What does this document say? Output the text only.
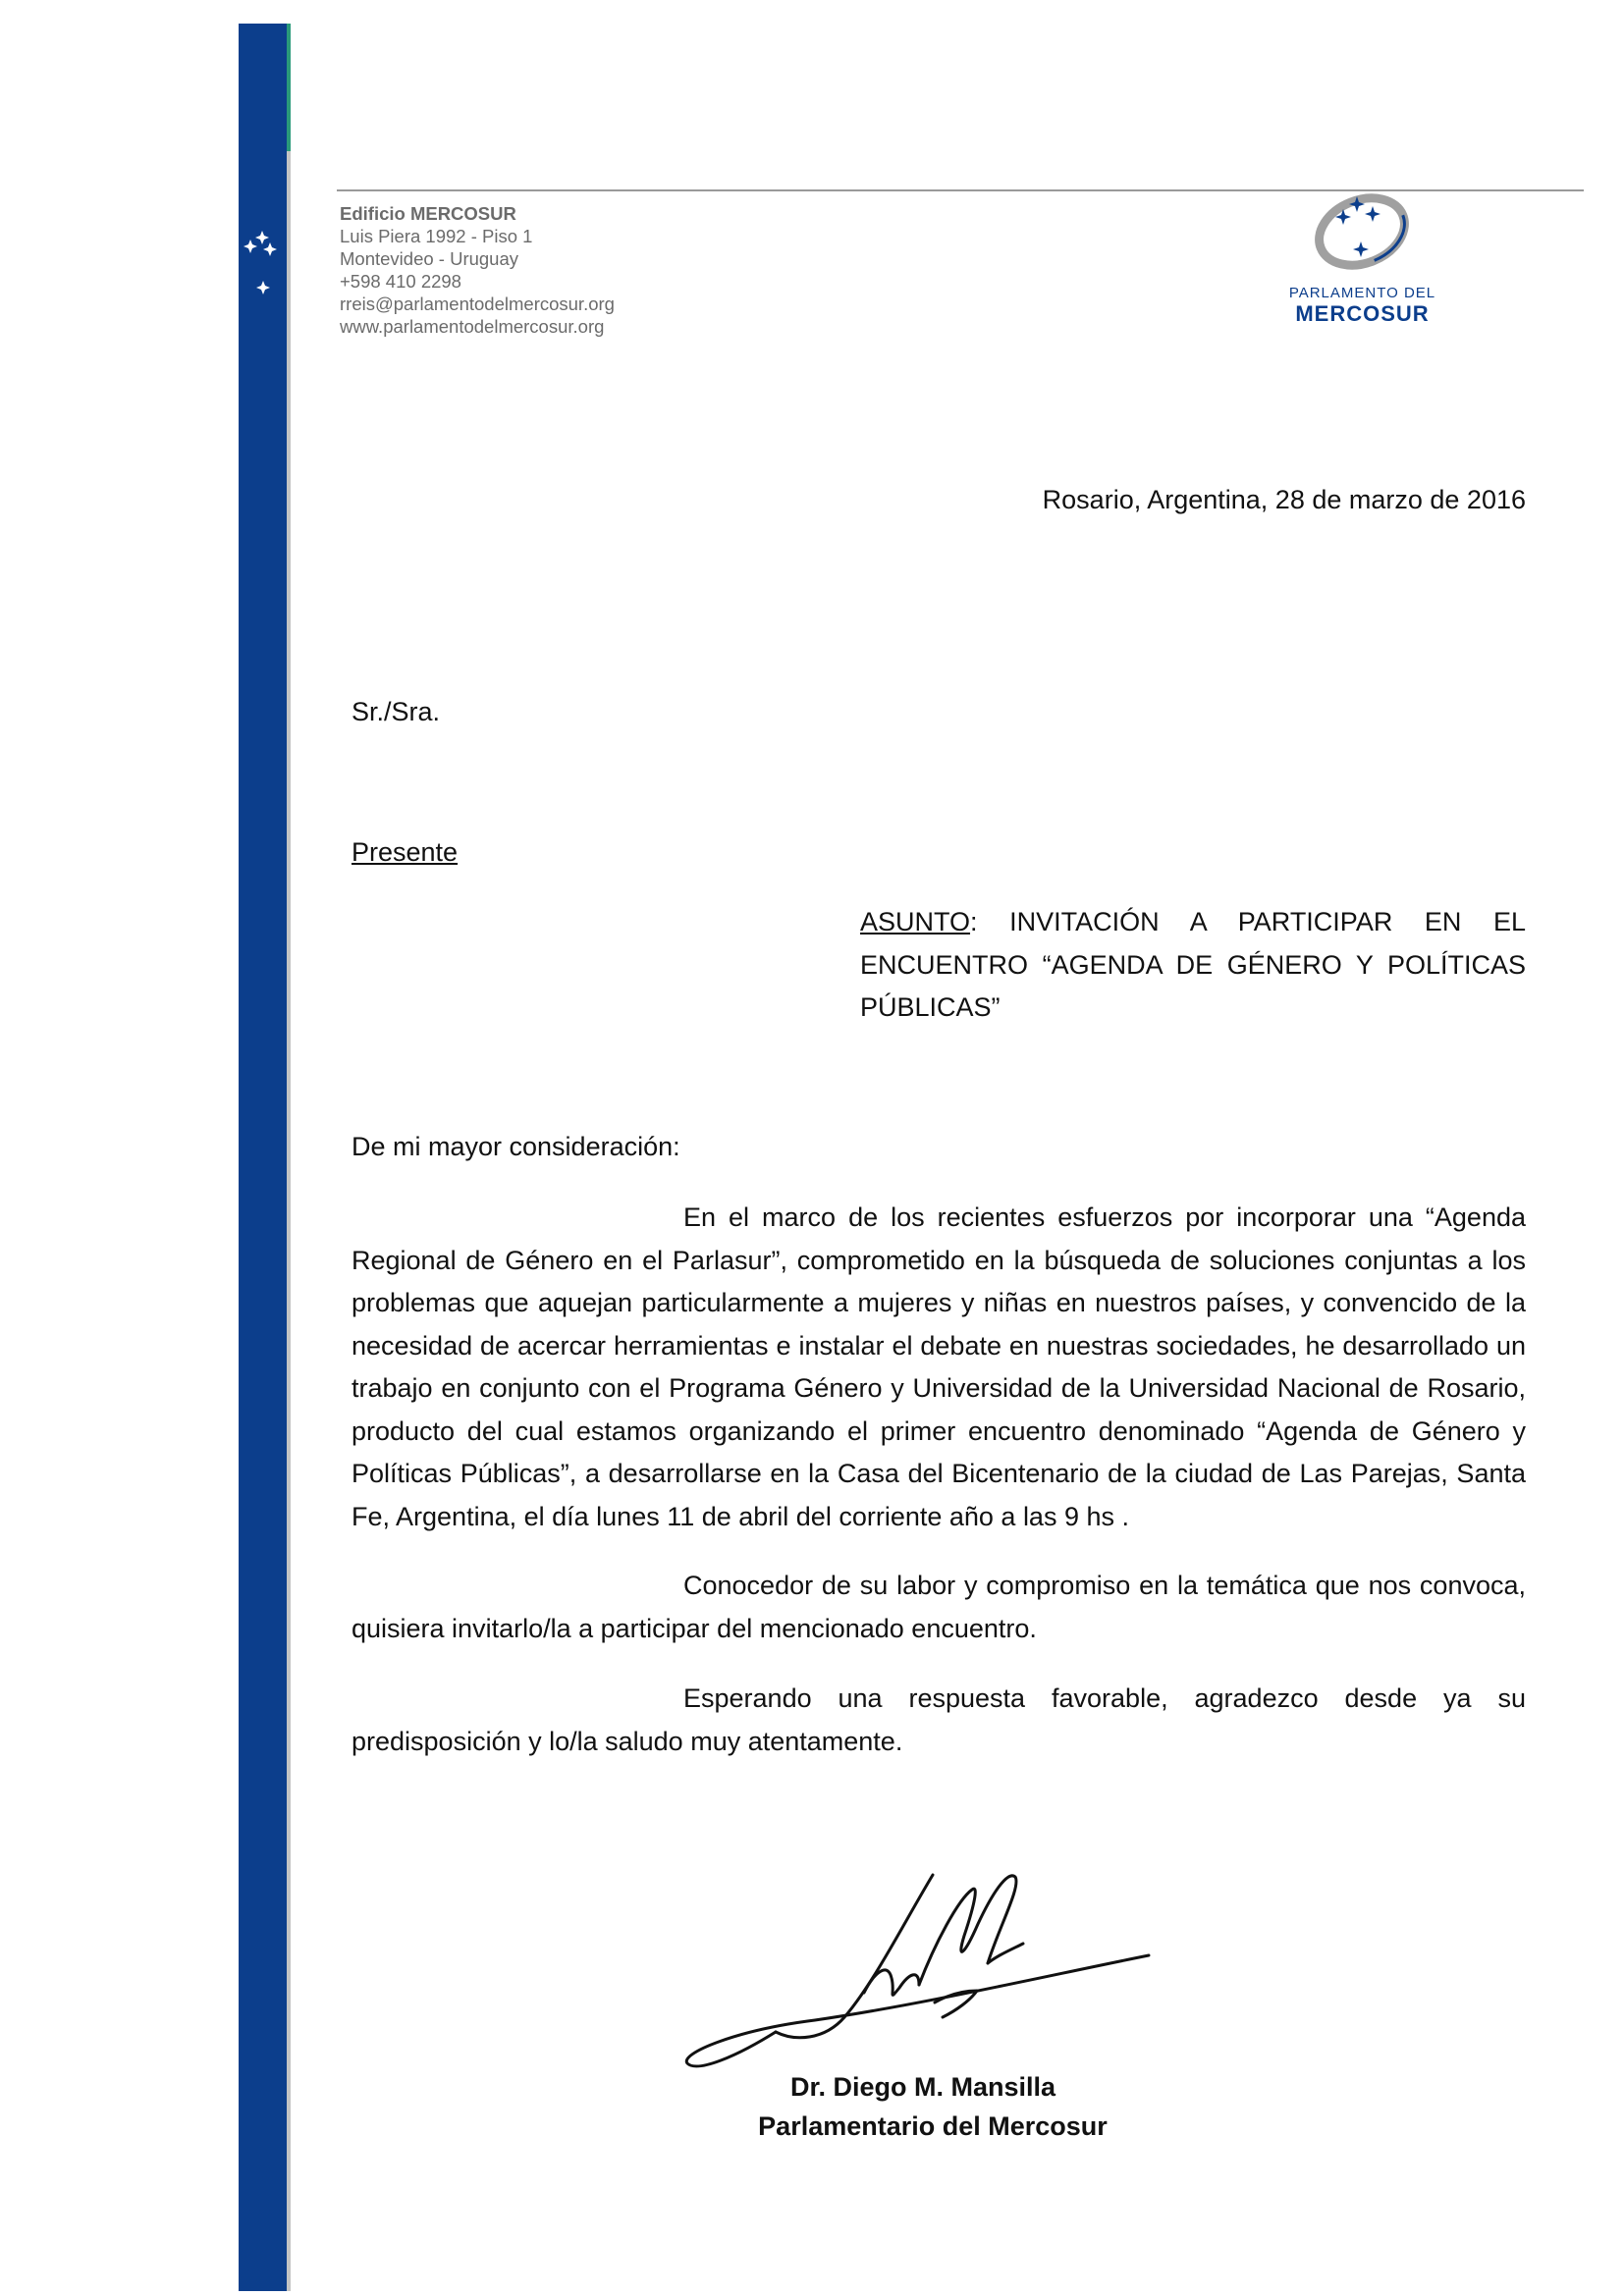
Edificio MERCOSUR
Luis Piera 1992 - Piso 1
Montevideo - Uruguay
+598 410 2298
rreis@parlamentodelmercosur.org
www.parlamentodelmercosur.org
PARLAMENTO DEL
MERCOSUR
Rosario, Argentina, 28 de marzo de 2016
Sr./Sra.
Presente
ASUNTO: INVITACIÓN A PARTICIPAR EN EL ENCUENTRO “AGENDA DE GÉNERO Y POLÍTICAS PÚBLICAS”
De mi mayor consideración:

En el marco de los recientes esfuerzos por incorporar una “Agenda Regional de Género en el Parlasur”, comprometido en la búsqueda de soluciones conjuntas a los problemas que aquejan particularmente a mujeres y niñas en nuestros países, y convencido de la necesidad de acercar herramientas e instalar el debate en nuestras sociedades, he desarrollado un trabajo en conjunto con el Programa Género y Universidad de la Universidad Nacional de Rosario, producto del cual estamos organizando el primer encuentro denominado “Agenda de Género y Políticas Públicas”, a desarrollarse en la Casa del Bicentenario de la ciudad de Las Parejas, Santa Fe, Argentina, el día lunes 11 de abril del corriente año a las 9 hs .

Conocedor de su labor y compromiso en la temática que nos convoca, quisiera invitarlo/la a participar del mencionado encuentro.

Esperando una respuesta favorable, agradezco desde ya su predisposición y lo/la saludo muy atentamente.

Dr. Diego M. Mansilla
Parlamentario del Mercosur
